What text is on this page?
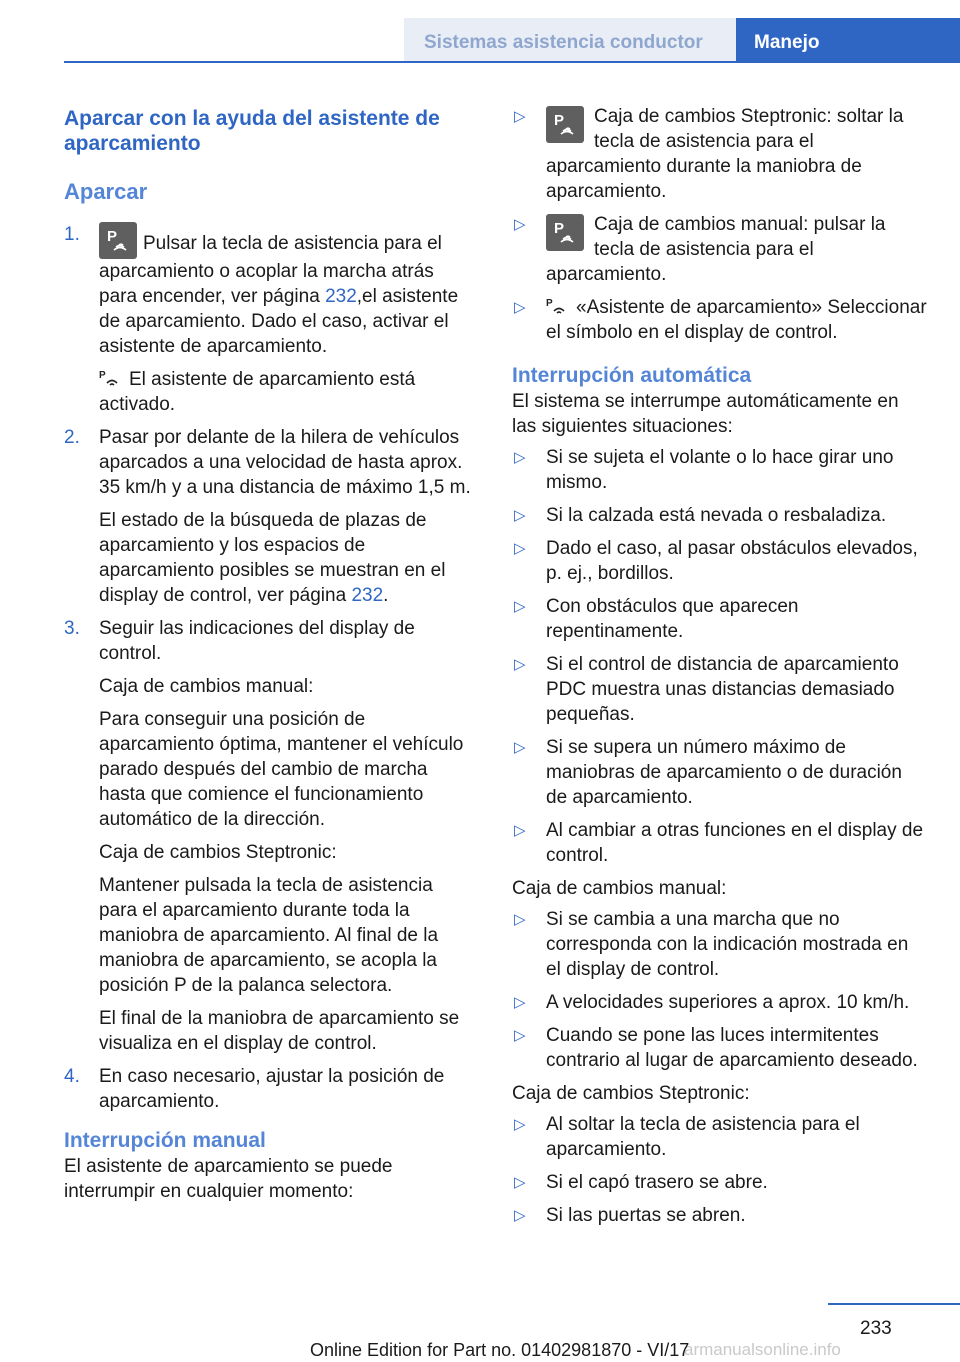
Sistemas asistencia conductor	Manejo
Aparcar con la ayuda del asistente de aparcamiento
Aparcar
1. P Pulsar la tecla de asistencia para el aparcamiento o acoplar la marcha atrás para encender, ver página 232,el asistente de aparcamiento. Dado el caso, activar el asistente de aparcamiento.

P El asistente de aparcamiento está activado.

2. Pasar por delante de la hilera de vehículos aparcados a una velocidad de hasta aprox. 35 km/h y a una distancia de máximo 1,5 m.

El estado de la búsqueda de plazas de aparcamiento y los espacios de aparcamiento posibles se muestran en el display de control, ver página 232.

3. Seguir las indicaciones del display de control.

Caja de cambios manual:

Para conseguir una posición de aparcamiento óptima, mantener el vehículo parado después del cambio de marcha hasta que comience el funcionamiento automático de la dirección.

Caja de cambios Steptronic:

Mantener pulsada la tecla de asistencia para el aparcamiento durante toda la maniobra de aparcamiento. Al final de la maniobra de aparcamiento, se acopla la posición P de la palanca selectora.

El final de la maniobra de aparcamiento se visualiza en el display de control.

4. En caso necesario, ajustar la posición de aparcamiento.

Interrupción manual

El asistente de aparcamiento se puede interrumpir en cualquier momento:

▷ P Caja de cambios Steptronic: soltar la tecla de asistencia para el aparcamiento durante la maniobra de aparcamiento.
▷ P Caja de cambios manual: pulsar la tecla de asistencia para el aparcamiento.
▷ P «Asistente de aparcamiento» Seleccionar el símbolo en el display de control.
Interrupción automática

El sistema se interrumpe automáticamente en las siguientes situaciones:

▷ Si se sujeta el volante o lo hace girar uno mismo.
▷ Si la calzada está nevada o resbaladiza.
▷ Dado el caso, al pasar obstáculos elevados, p. ej., bordillos.
▷ Con obstáculos que aparecen repentinamente.
▷ Si el control de distancia de aparcamiento PDC muestra unas distancias demasiado pequeñas.
▷ Si se supera un número máximo de maniobras de aparcamiento o de duración de aparcamiento.
▷ Al cambiar a otras funciones en el display de control.

Caja de cambios manual:

▷ Si se cambia a una marcha que no corresponda con la indicación mostrada en el display de control.
▷ A velocidades superiores a aprox. 10 km/h.
▷ Cuando se pone las luces intermitentes contrario al lugar de aparcamiento deseado.

Caja de cambios Steptronic:

▷ Al soltar la tecla de asistencia para el aparcamiento.
▷ Si el capó trasero se abre.
▷ Si las puertas se abren.
233
armanualsonline.info
Online Edition for Part no. 01402981870 - VI/17
